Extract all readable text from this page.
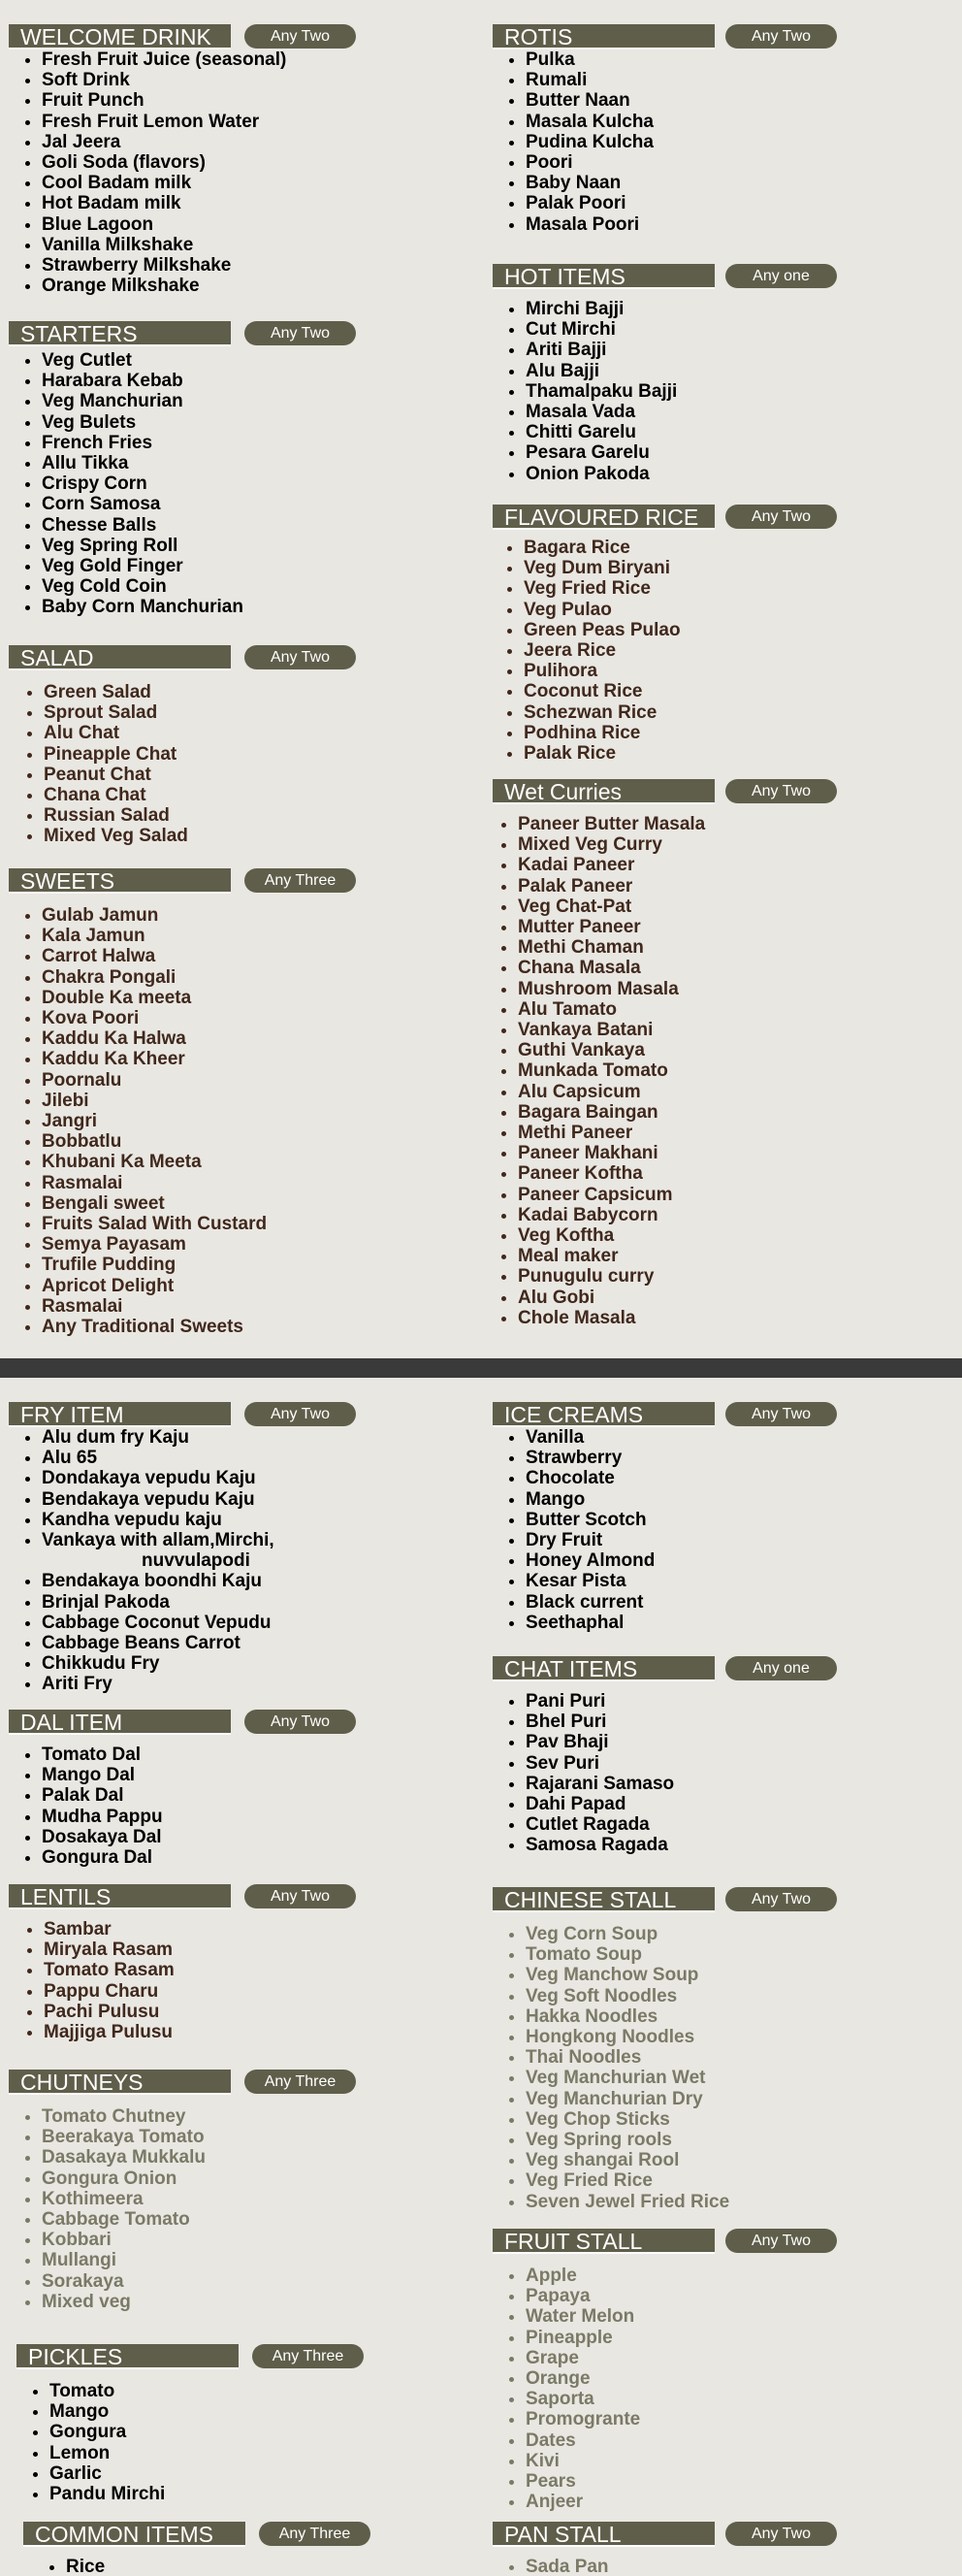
WELCOME DRINK	Any Two
• Fresh Fruit Juice (seasonal)
• Soft Drink
• Fruit Punch
• Fresh Fruit Lemon Water
• Jal Jeera
• Goli Soda (flavors)
• Cool Badam milk
• Hot Badam milk
• Blue Lagoon
• Vanilla Milkshake
• Strawberry Milkshake
• Orange Milkshake
STARTERS	Any Two
• Veg Cutlet
• Harabara Kebab
• Veg Manchurian
• Veg Bulets
• French Fries
• Allu Tikka
• Crispy Corn
• Corn Samosa
• Chesse Balls
• Veg Spring Roll
• Veg Gold Finger
• Veg Cold Coin
• Baby Corn Manchurian
SALAD	Any Two
• Green Salad
• Sprout Salad
• Alu Chat
• Pineapple Chat
• Peanut Chat
• Chana Chat
• Russian Salad
• Mixed Veg Salad
SWEETS	Any Three
• Gulab Jamun
• Kala Jamun
• Carrot Halwa
• Chakra Pongali
• Double Ka meeta
• Kova Poori
• Kaddu Ka Halwa
• Kaddu Ka Kheer
• Poornalu
• Jilebi
• Jangri
• Bobbatlu
• Khubani Ka Meeta
• Rasmalai
• Bengali sweet
• Fruits Salad With Custard
• Semya Payasam
• Trufile Pudding
• Apricot Delight
• Rasmalai
• Any Traditional Sweets
ROTIS	Any Two
• Pulka
• Rumali
• Butter Naan
• Masala Kulcha
• Pudina Kulcha
• Poori
• Baby Naan
• Palak Poori
• Masala Poori
HOT ITEMS	Any one
• Mirchi Bajji
• Cut Mirchi
• Ariti Bajji
• Alu Bajji
• Thamalpaku Bajji
• Masala Vada
• Chitti Garelu
• Pesara Garelu
• Onion Pakoda
FLAVOURED RICE	Any Two
• Bagara Rice
• Veg Dum Biryani
• Veg Fried Rice
• Veg Pulao
• Green Peas Pulao
• Jeera Rice
• Pulihora
• Coconut Rice
• Schezwan Rice
• Podhina Rice
• Palak Rice
Wet Curries	Any Two
• Paneer Butter Masala
• Mixed Veg Curry
• Kadai Paneer
• Palak Paneer
• Veg Chat-Pat
• Mutter Paneer
• Methi Chaman
• Chana Masala
• Mushroom Masala
• Alu Tamato
• Vankaya Batani
• Guthi Vankaya
• Munkada Tomato
• Alu Capsicum
• Bagara Baingan
• Methi Paneer
• Paneer Makhani
• Paneer Koftha
• Paneer Capsicum
• Kadai Babycorn
• Veg Koftha
• Meal maker
• Punugulu curry
• Alu Gobi
• Chole Masala
FRY ITEM	Any Two
• Alu dum fry Kaju
• Alu 65
• Dondakaya vepudu Kaju
• Bendakaya vepudu Kaju
• Kandha vepudu kaju
• Vankaya with allam,Mirchi,
nuvvulapodi
• Bendakaya boondhi Kaju
• Brinjal Pakoda
• Cabbage Coconut Vepudu
• Cabbage Beans Carrot
• Chikkudu Fry
• Ariti Fry
DAL ITEM	Any Two
• Tomato Dal
• Mango Dal
• Palak Dal
• Mudha Pappu
• Dosakaya Dal
• Gongura Dal
LENTILS	Any Two
• Sambar
• Miryala Rasam
• Tomato Rasam
• Pappu Charu
• Pachi Pulusu
• Majjiga Pulusu
CHUTNEYS	Any Three
• Tomato Chutney
• Beerakaya Tomato
• Dasakaya Mukkalu
• Gongura Onion
• Kothimeera
• Cabbage Tomato
• Kobbari
• Mullangi
• Sorakaya
• Mixed veg
PICKLES	Any Three
• Tomato
• Mango
• Gongura
• Lemon
• Garlic
• Pandu Mirchi
COMMON ITEMS	Any Three
• Rice
ICE CREAMS	Any Two
• Vanilla
• Strawberry
• Chocolate
• Mango
• Butter Scotch
• Dry Fruit
• Honey Almond
• Kesar Pista
• Black current
• Seethaphal
CHAT ITEMS	Any one
• Pani Puri
• Bhel Puri
• Pav Bhaji
• Sev Puri
• Rajarani Samaso
• Dahi Papad
• Cutlet Ragada
• Samosa Ragada
CHINESE STALL	Any Two
• Veg Corn Soup
• Tomato Soup
• Veg Manchow Soup
• Veg Soft Noodles
• Hakka Noodles
• Hongkong Noodles
• Thai Noodles
• Veg Manchurian Wet
• Veg Manchurian Dry
• Veg Chop Sticks
• Veg Spring rools
• Veg shangai Rool
• Veg Fried Rice
• Seven Jewel Fried Rice
FRUIT STALL	Any Two
• Apple
• Papaya
• Water Melon
• Pineapple
• Grape
• Orange
• Saporta
• Promogrante
• Dates
• Kivi
• Pears
• Anjeer
PAN STALL	Any Two
• Sada Pan
